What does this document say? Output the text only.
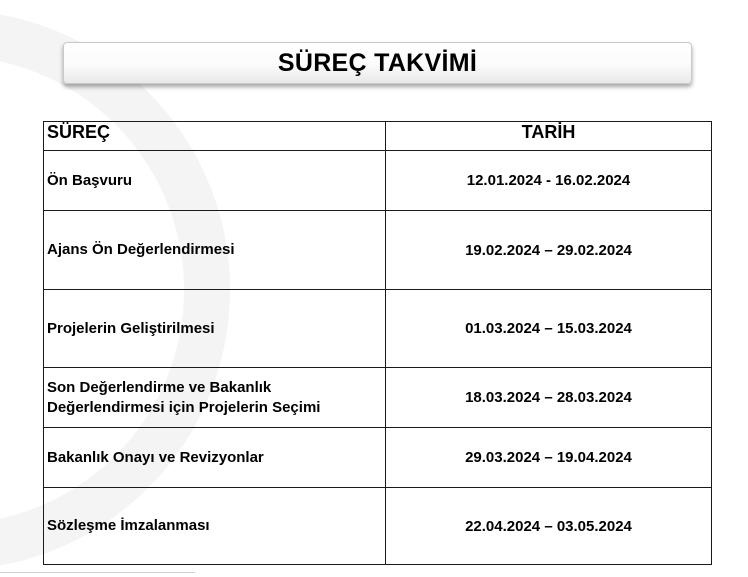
SÜREÇ TAKVİMİ
SÜREÇ	TARİH
Ön Başvuru	12.01.2024 - 16.02.2024
Ajans Ön Değerlendirmesi	19.02.2024 – 29.02.2024
Projelerin Geliştirilmesi	01.03.2024 – 15.03.2024
Son Değerlendirme ve Bakanlık Değerlendirmesi için Projelerin Seçimi	18.03.2024 – 28.03.2024
Bakanlık Onayı ve Revizyonlar	29.03.2024 – 19.04.2024
Sözleşme İmzalanması	22.04.2024 – 03.05.2024
